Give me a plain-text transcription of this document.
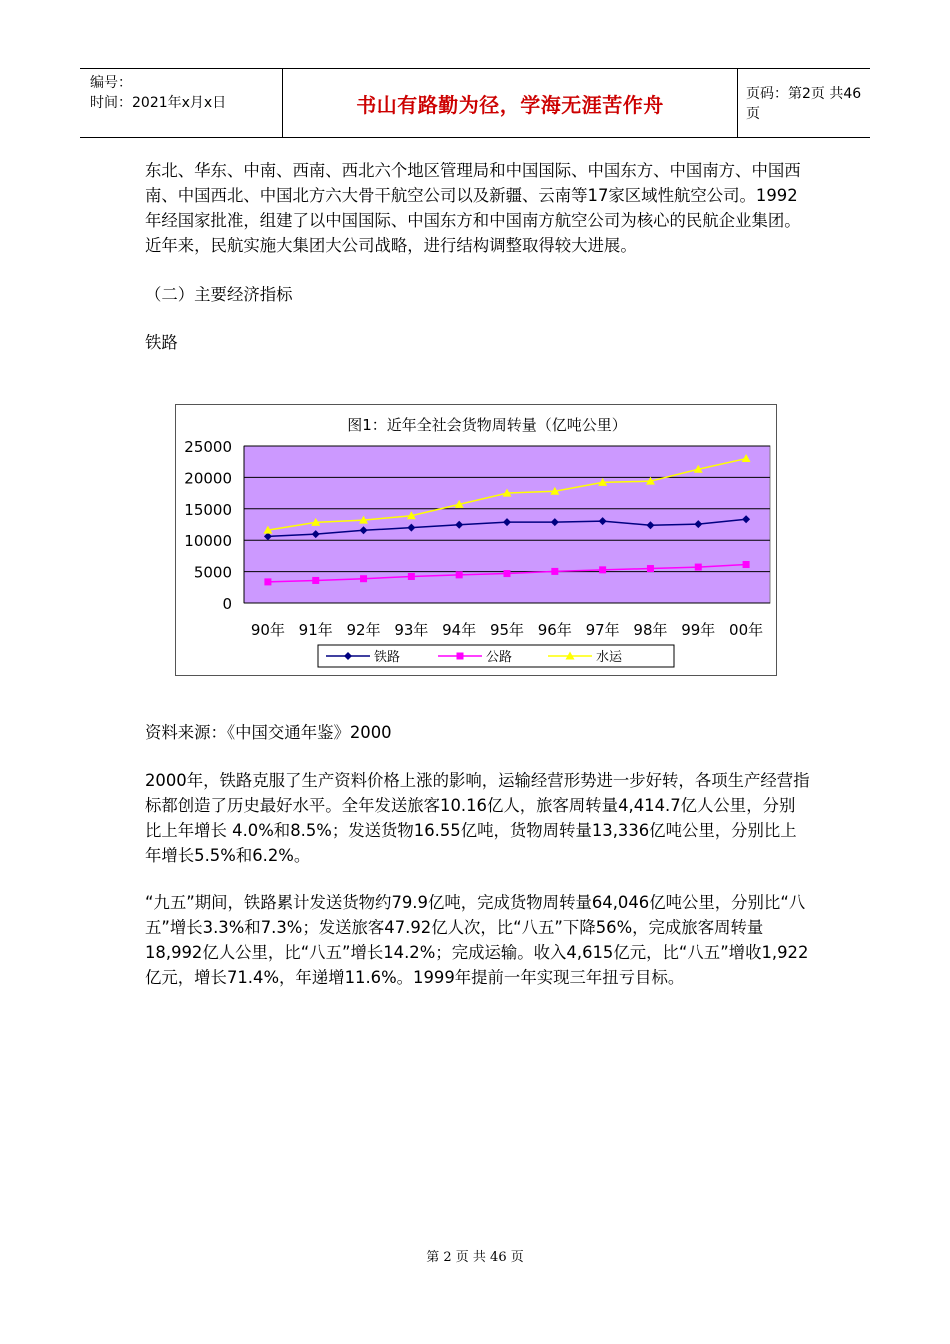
编号：
时间：2021年x月x日	书山有路勤为径，学海无涯苦作舟	页码：第2页 共46页

东北、华东、中南、西南、西北六个地区管理局和中国国际、中国东方、中国南方、中国西南、中国西北、中国北方六大骨干航空公司以及新疆、云南等17家区域性航空公司。1992年经国家批准，组建了以中国国际、中国东方和中国南方航空公司为核心的民航企业集团。近年来，民航实施大集团大公司战略，进行结构调整取得较大进展。

（二）主要经济指标

铁路

0
5000
10000
15000
20000
25000
90年 91年 92年 93年 94年 95年 96年 97年 98年 99年 00年
图1：近年全社会货物周转量（亿吨公里）
铁路	公路	水运
资料来源：《中国交通年鉴》2000

2000年，铁路克服了生产资料价格上涨的影响，运输经营形势进一步好转，各项生产经营指标都创造了历史最好水平。全年发送旅客10.16亿人，旅客周转量4,414.7亿人公里，分别比上年增长 4.0%和8.5%；发送货物16.55亿吨，货物周转量13,336亿吨公里，分别比上年增长5.5%和6.2%。

“九五”期间，铁路累计发送货物约79.9亿吨，完成货物周转量64,046亿吨公里，分别比“八五”增长3.3%和7.3%；发送旅客47.92亿人次，比“八五”下降56%，完成旅客周转量18,992亿人公里，比“八五”增长14.2%；完成运输。收入4,615亿元，比“八五”增收1,922亿元，增长71.4%，年递增11.6%。1999年提前一年实现三年扭亏目标。

第 2 页 共 46 页
